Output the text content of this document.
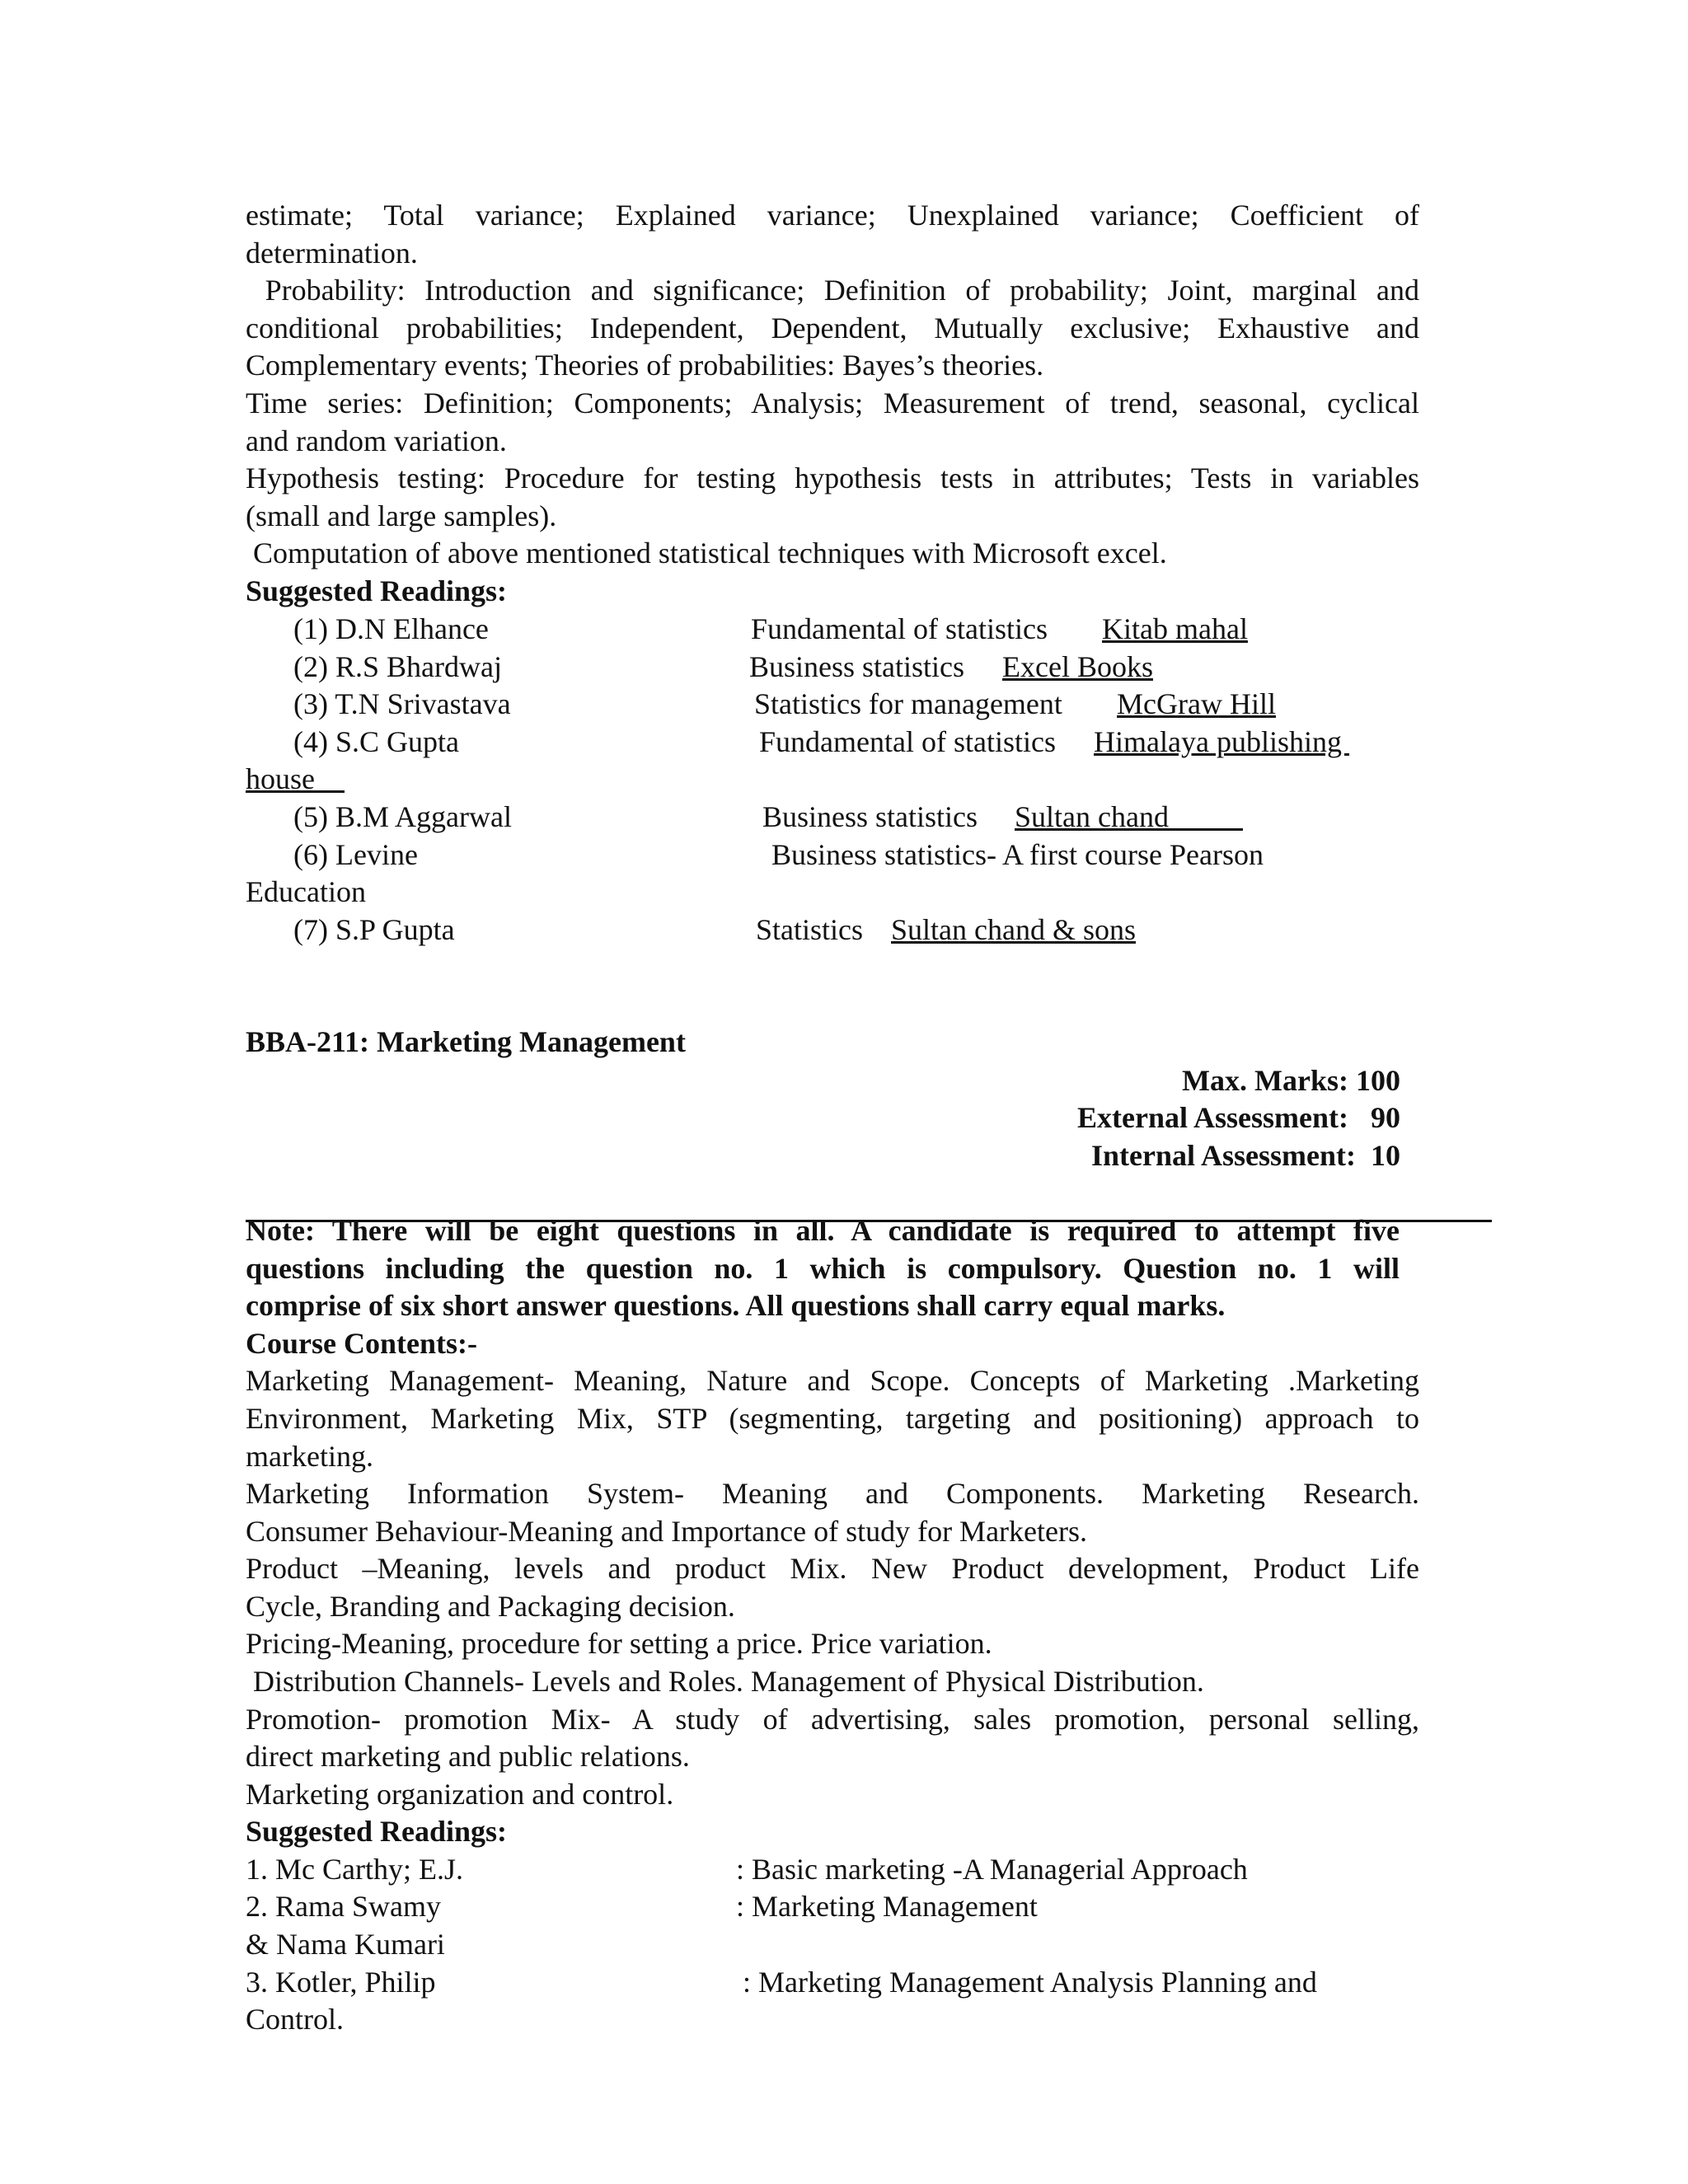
estimate; Total variance; Explained variance; Unexplained variance; Coefficient of
determination.
Probability: Introduction and significance; Definition of probability; Joint, marginal and
conditional probabilities; Independent, Dependent, Mutually exclusive; Exhaustive and
Complementary events; Theories of probabilities: Bayes’s theories.
Time series: Definition; Components; Analysis; Measurement of trend, seasonal, cyclical
and random variation.
Hypothesis testing: Procedure for testing hypothesis tests in attributes; Tests in variables
(small and large samples).
Computation of above mentioned statistical techniques with Microsoft excel.
Suggested Readings:
(1) D.N Elhance	Fundamental of statistics Kitab mahal
(2) R.S Bhardwaj	Business statistics Excel Books
(3) T.N Srivastava	Statistics for management McGraw Hill
(4) S.C Gupta	Fundamental of statistics Himalaya publishing
house
(5) B.M Aggarwal	Business statistics Sultan chand
(6) Levine	Business statistics- A first course Pearson
Education
(7) S.P Gupta	Statistics Sultan chand & sons
BBA-211: Marketing Management
Max. Marks: 100
External Assessment:   90
Internal Assessment:  10
Note: There will be eight questions in all. A candidate is required to attempt five
questions including the question no. 1 which is compulsory. Question no. 1 will
comprise of six short answer questions. All questions shall carry equal marks.
Course Contents:-
Marketing Management- Meaning, Nature and Scope. Concepts of Marketing .Marketing
Environment, Marketing Mix, STP (segmenting, targeting and positioning) approach to
marketing.
Marketing Information System- Meaning and Components. Marketing Research.
Consumer Behaviour-Meaning and Importance of study for Marketers.
Product –Meaning, levels and product Mix. New Product development, Product Life
Cycle, Branding and Packaging decision.
Pricing-Meaning, procedure for setting a price. Price variation.
Distribution Channels- Levels and Roles. Management of Physical Distribution.
Promotion- promotion Mix- A study of advertising, sales promotion, personal selling,
direct marketing and public relations.
Marketing organization and control.
Suggested Readings:
1. Mc Carthy; E.J.	: Basic marketing -A Managerial Approach
2. Rama Swamy	: Marketing Management
& Nama Kumari
3. Kotler, Philip	: Marketing Management Analysis Planning and
Control.
